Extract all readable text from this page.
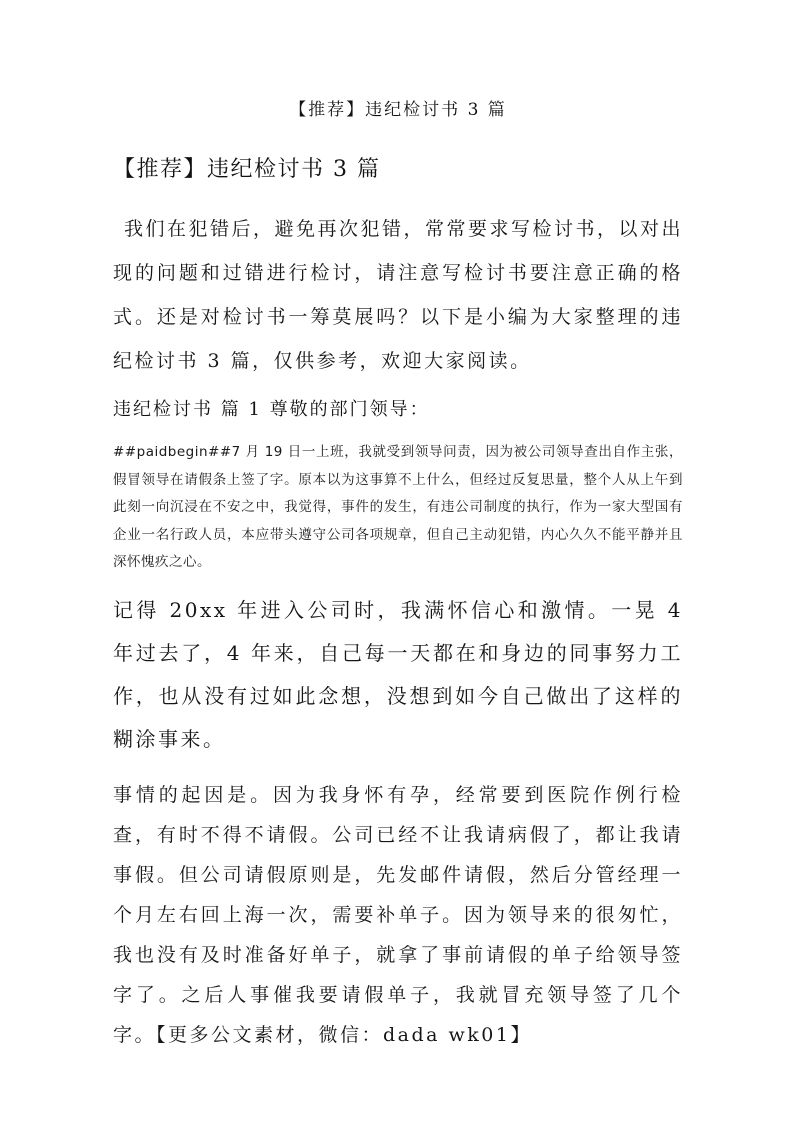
【推荐】违纪检讨书 3 篇
【推荐】违纪检讨书 3 篇

我们在犯错后，避免再次犯错，常常要求写检讨书，以对出现的问题和过错进行检讨，请注意写检讨书要注意正确的格式。还是对检讨书一筹莫展吗？以下是小编为大家整理的违纪检讨书 3 篇，仅供参考，欢迎大家阅读。

违纪检讨书 篇 1 尊敬的部门领导：

##paidbegin##7 月 19 日一上班，我就受到领导问责，因为被公司领导查出自作主张，假冒领导在请假条上签了字。原本以为这事算不上什么，但经过反复思量，整个人从上午到此刻一向沉浸在不安之中，我觉得，事件的发生，有违公司制度的执行，作为一家大型国有企业一名行政人员，本应带头遵守公司各项规章，但自己主动犯错，内心久久不能平静并且深怀愧疚之心。

记得 20xx 年进入公司时，我满怀信心和激情。一晃 4 年过去了，4 年来，自己每一天都在和身边的同事努力工作，也从没有过如此念想，没想到如今自己做出了这样的糊涂事来。

事情的起因是。因为我身怀有孕，经常要到医院作例行检查，有时不得不请假。公司已经不让我请病假了，都让我请事假。但公司请假原则是，先发邮件请假，然后分管经理一个月左右回上海一次，需要补单子。因为领导来的很匆忙，我也没有及时准备好单子，就拿了事前请假的单子给领导签字了。之后人事催我要请假单子，我就冒充领导签了几个字。【更多公文素材，微信：dada wk01】
